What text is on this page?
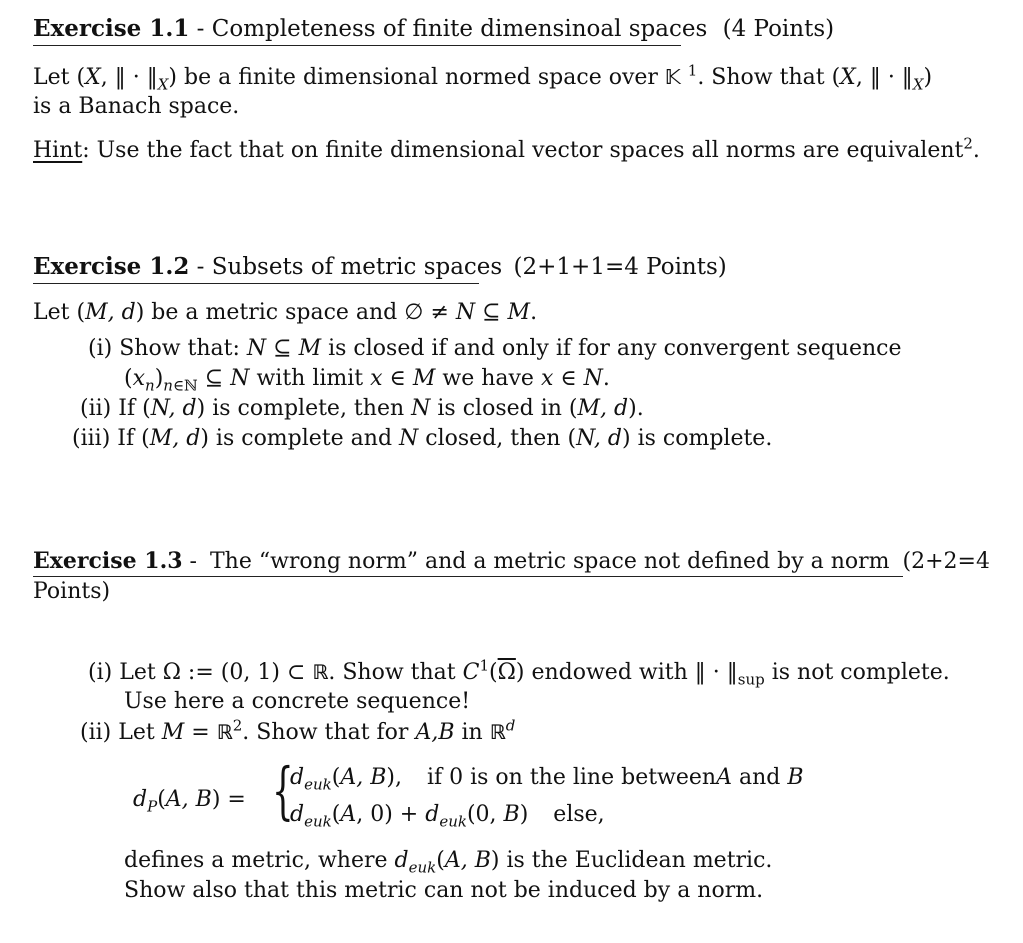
Exercise 1.1 - Completeness of finite dimensinoal spaces (4 Points)
Let (X, ‖ · $‖_X$) be a finite dimensional normed space over 𝕂 $^1$. Show that (X, ‖ · $‖_X$)
is a Banach space.
Hint: Use the fact that on finite dimensional vector spaces all norms are equivalent$^2$.
Exercise 1.2 - Subsets of metric spaces (2+1+1=4 Points)
Let (M, d) be a metric space and ∅ ≠ N ⊆ M.
(i) Show that: N ⊆ M is closed if and only if for any convergent sequence
$(x_n)_{n\in ℕ}$ ⊆ N with limit x ∈ M we have x ∈ N.
(ii) If (N, d) is complete, then N is closed in (M, d).
(iii) If (M, d) is complete and N closed, then (N, d) is complete.
Exercise 1.3 - The “wrong norm” and a metric space not defined by a norm (2+2=4
Points)
(i) Let Ω := (0, 1) ⊂ ℝ. Show that $C^1(\overline{\Omega})$ endowed with ‖ · $‖_{sup}$ is not complete.
Use here a concrete sequence!
(ii) Let M = ℝ$^2$. Show that for A,B in ℝ$^d$
$d_P(A$, B) = {
$d_{euk}(A$, B), if 0 is on the line betweenA and B
$d_{euk}(A$, $0) + d_{euk}(0$, B) else,
defines a metric, where $d_{euk}(A$, B) is the Euclidean metric.
Show also that this metric can not be induced by a norm.
